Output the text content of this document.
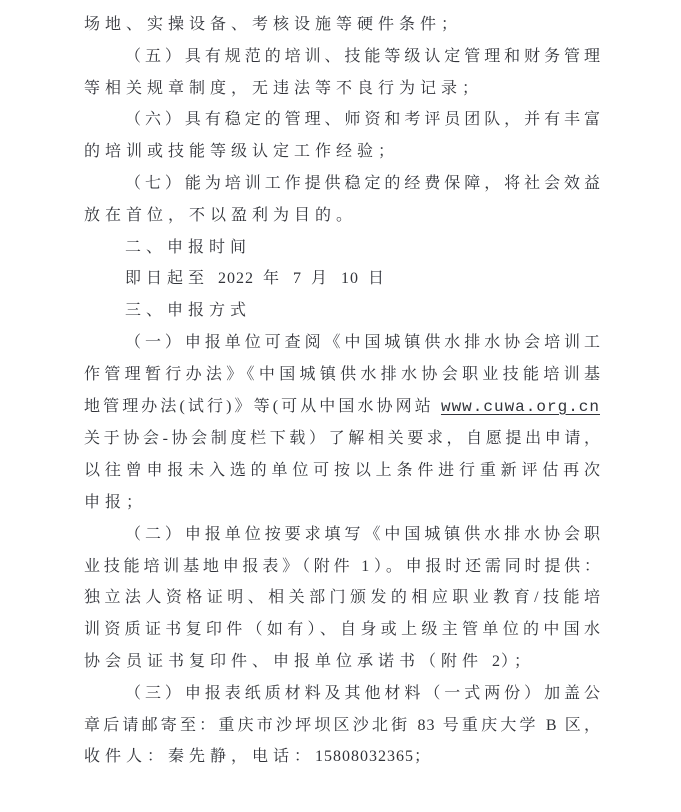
场地、实操设备、考核设施等硬件条件；
（五）具有规范的培训、技能等级认定管理和财务管理
等相关规章制度，无违法等不良行为记录；
（六）具有稳定的管理、师资和考评员团队，并有丰富
的培训或技能等级认定工作经验；
（七）能为培训工作提供稳定的经费保障，将社会效益
放在首位，不以盈利为目的。
二、申报时间
即日起至 2022 年 7 月 10 日
三、申报方式
（一）申报单位可查阅《中国城镇供水排水协会培训工
作管理暂行办法》《中国城镇供水排水协会职业技能培训基
地管理办法(试行)》等(可从中国水协网站 www.cuwa.org.cn
关于协会-协会制度栏下载）了解相关要求，自愿提出申请，
以往曾申报未入选的单位可按以上条件进行重新评估再次
申报；
（二）申报单位按要求填写《中国城镇供水排水协会职
业技能培训基地申报表》（附件 1）。申报时还需同时提供：
独立法人资格证明、相关部门颁发的相应职业教育/技能培
训资质证书复印件（如有）、自身或上级主管单位的中国水
协会员证书复印件、申报单位承诺书（附件 2）；
（三）申报表纸质材料及其他材料（一式两份）加盖公
章后请邮寄至：重庆市沙坪坝区沙北街 83 号重庆大学 B 区，
收件人：秦先静，电话：15808032365；
